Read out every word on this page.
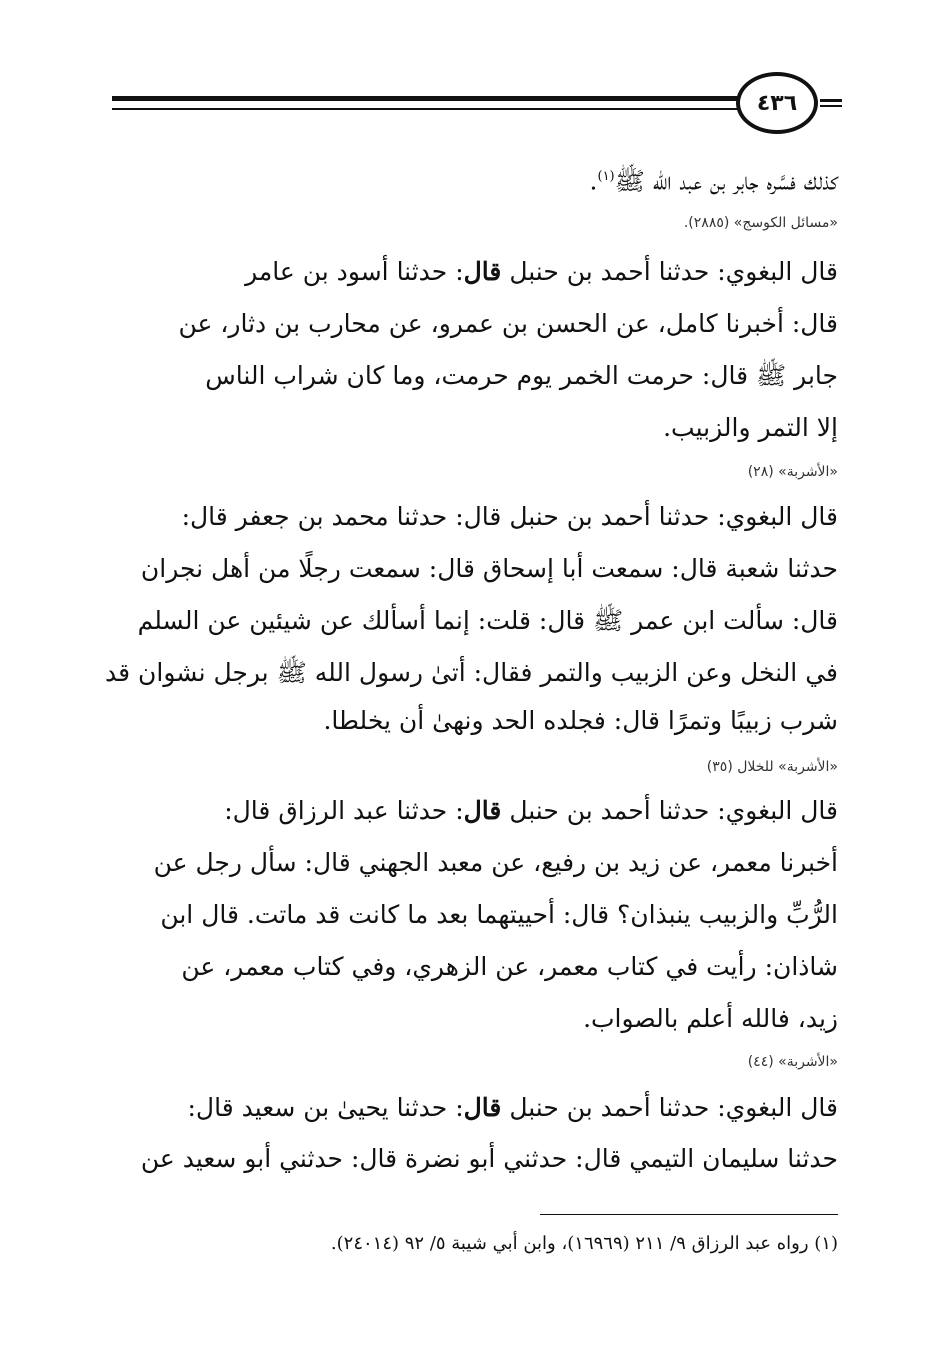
٤٣٦
كذلك فسَّره جابر بن عبد الله ﷺ$^{(١)}$.
«مسائل الكوسج» (٢٨٨٥).
قال البغوي: حدثنا أحمد بن حنبل قال: حدثنا أسود بن عامر
قال: أخبرنا كامل، عن الحسن بن عمرو، عن محارب بن دثار، عن
جابر ﷺ قال: حرمت الخمر يوم حرمت، وما كان شراب الناس
إلا التمر والزبيب.
«الأشربة» (٢٨)
قال البغوي: حدثنا أحمد بن حنبل قال: حدثنا محمد بن جعفر قال:
حدثنا شعبة قال: سمعت أبا إسحاق قال: سمعت رجلًا من أهل نجران
قال: سألت ابن عمر ﷺ قال: قلت: إنما أسألك عن شيئين عن السلم
في النخل وعن الزبيب والتمر فقال: أتىٰ رسول الله ﷺ برجل نشوان قد
شرب زبيبًا وتمرًا قال: فجلده الحد ونهىٰ أن يخلطا.
«الأشربة» للخلال (٣٥)
قال البغوي: حدثنا أحمد بن حنبل قال: حدثنا عبد الرزاق قال:
أخبرنا معمر، عن زيد بن رفيع، عن معبد الجهني قال: سأل رجل عن
الرُّبِّ والزبيب ينبذان؟ قال: أحييتهما بعد ما كانت قد ماتت. قال ابن
شاذان: رأيت في كتاب معمر، عن الزهري، وفي كتاب معمر، عن
زيد، فالله أعلم بالصواب.
«الأشربة» (٤٤)
قال البغوي: حدثنا أحمد بن حنبل قال: حدثنا يحيىٰ بن سعيد قال:
حدثنا سليمان التيمي قال: حدثني أبو نضرة قال: حدثني أبو سعيد عن
(١) رواه عبد الرزاق ٩/ ٢١١ (١٦٩٦٩)، وابن أبي شيبة ٥/ ٩٢ (٢٤٠١٤).
